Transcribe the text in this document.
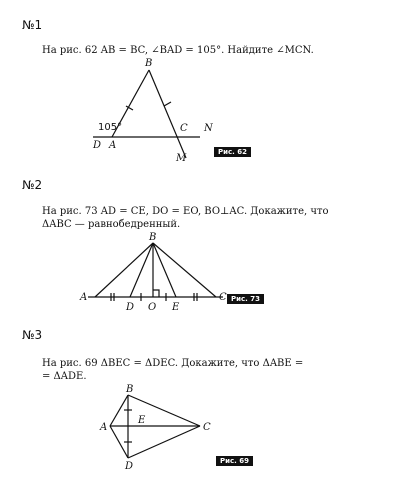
№1
На рис. 62 AB = BC, ∠BAD = 105°. Найдите ∠MCN.
№2
На рис. 73 AD = CE, DO = EO, BO⊥AC. Докажите, что
ΔABC — равнобедренный.
№3
На рис. 69 ΔBEC = ΔDEC. Докажите, что ΔABE =
= ΔADE.
B
105°
D A
C N
M
B
A
D O E
C
B
A
E
C
D
Рис. 62
Рис. 73
Рис. 69
